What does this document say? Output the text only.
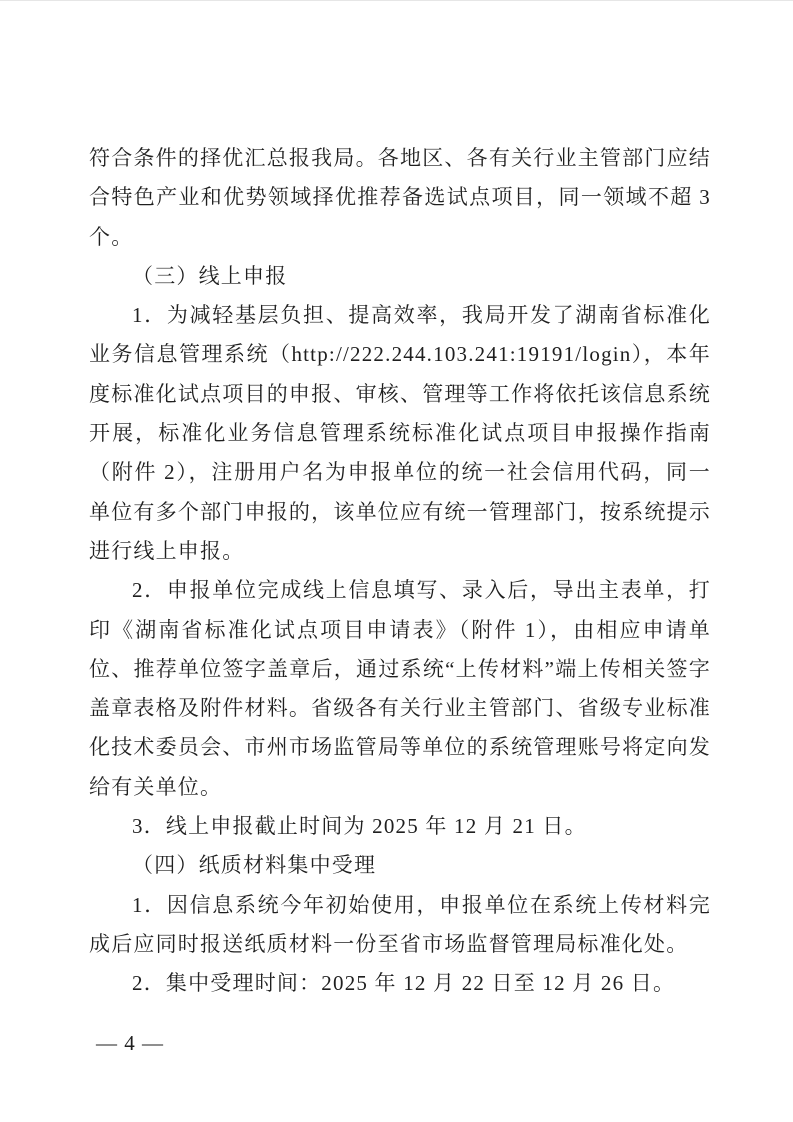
符合条件的择优汇总报我局。各地区、各有关行业主管部门应结合特色产业和优势领域择优推荐备选试点项目，同一领域不超 3 个。

（三）线上申报

1．为减轻基层负担、提高效率，我局开发了湖南省标准化业务信息管理系统（http://222.244.103.241:19191/login），本年度标准化试点项目的申报、审核、管理等工作将依托该信息系统开展，标准化业务信息管理系统标准化试点项目申报操作指南（附件 2），注册用户名为申报单位的统一社会信用代码，同一单位有多个部门申报的，该单位应有统一管理部门，按系统提示进行线上申报。

2．申报单位完成线上信息填写、录入后，导出主表单，打印《湖南省标准化试点项目申请表》（附件 1），由相应申请单位、推荐单位签字盖章后，通过系统“上传材料”端上传相关签字盖章表格及附件材料。省级各有关行业主管部门、省级专业标准化技术委员会、市州市场监管局等单位的系统管理账号将定向发给有关单位。

3．线上申报截止时间为 2025 年 12 月 21 日。

（四）纸质材料集中受理

1．因信息系统今年初始使用，申报单位在系统上传材料完成后应同时报送纸质材料一份至省市场监督管理局标准化处。

2．集中受理时间：2025 年 12 月 22 日至 12 月 26 日。

— 4 —
